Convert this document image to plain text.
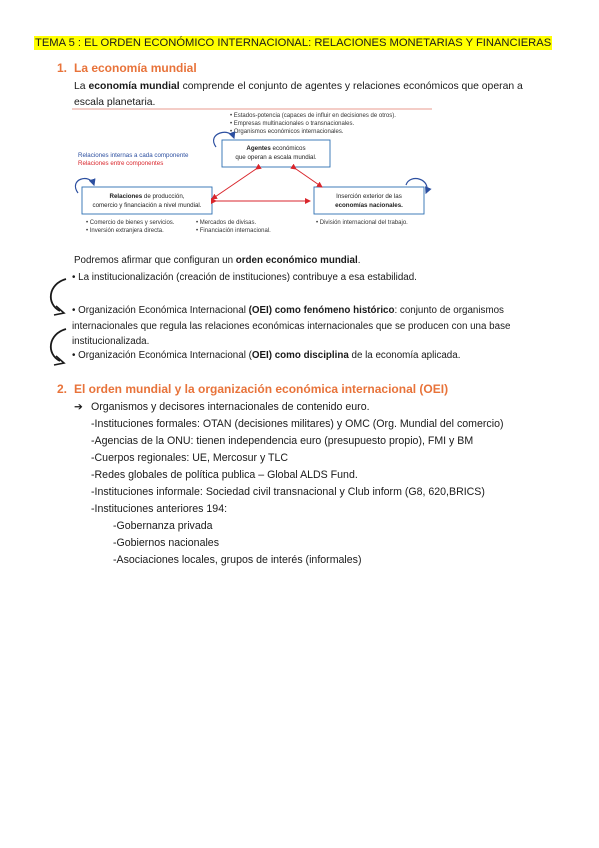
TEMA 5 : EL ORDEN ECONÓMICO INTERNACIONAL: RELACIONES MONETARIAS Y FINANCIERAS
1. La economía mundial
La economía mundial comprende el conjunto de agentes y relaciones económicos que operan a
escala planetaria.
• Estados-potencia (capaces de influir en decisiones de otros).
• Empresas multinacionales o transnacionales.
• Organismos económicos internacionales.
Relaciones internas a cada componente
Relaciones entre componentes
Agentes económicos
que operan a escala mundial.
Relaciones de producción,
comercio y financiación a nivel mundial.
Inserción exterior de las
economías nacionales.
• Comercio de bienes y servicios.
• Inversión extranjera directa.
• Mercados de divisas.
• Financiación internacional.
• División internacional del trabajo.
Podremos afirmar que configuran un orden económico mundial.
• La institucionalización (creación de instituciones) contribuye a esa estabilidad.
• Organización Económica Internacional (OEI) como fenómeno histórico: conjunto de organismos
internacionales que regula las relaciones económicas internacionales que se producen con una base
institucionalizada.
• Organización Económica Internacional (OEI) como disciplina de la economía aplicada.
2. El orden mundial y la organización económica internacional (OEI)
➔ Organismos y decisores internacionales de contenido euro.
-Instituciones formales: OTAN (decisiones militares) y OMC (Org. Mundial del comercio)
-Agencias de la ONU: tienen independencia euro (presupuesto propio), FMI y BM
-Cuerpos regionales: UE, Mercosur y TLC
-Redes globales de política publica – Global ALDS Fund.
-Instituciones informale: Sociedad civil transnacional y Club inform (G8, 620,BRICS)
-Instituciones anteriores 194:
-Gobernanza privada
-Gobiernos nacionales
-Asociaciones locales, grupos de interés (informales)
